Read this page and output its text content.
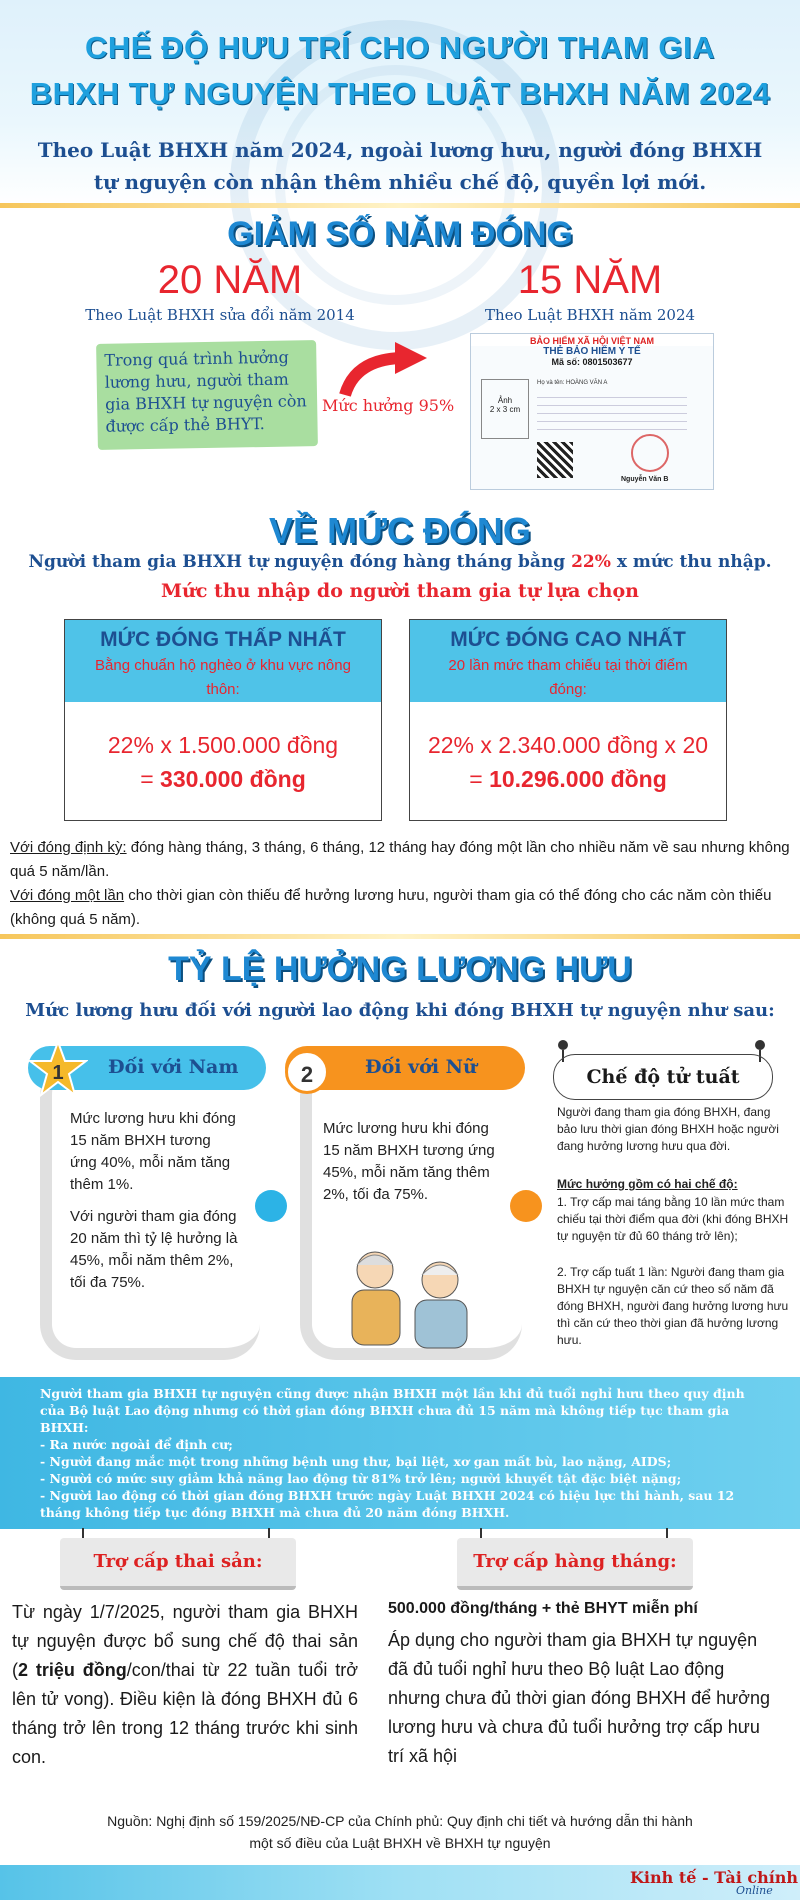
CHẾ ĐỘ HƯU TRÍ CHO NGƯỜI THAM GIA
BHXH TỰ NGUYỆN THEO LUẬT BHXH NĂM 2024
Theo Luật BHXH năm 2024, ngoài lương hưu, người đóng BHXH
tự nguyện còn nhận thêm nhiều chế độ, quyền lợi mới.
GIẢM SỐ NĂM ĐÓNG
20 NĂM
Theo Luật BHXH sửa đổi năm 2014
15 NĂM
Theo Luật BHXH năm 2024
Trong quá trình hưởng lương hưu, người tham gia BHXH tự nguyện còn được cấp thẻ BHYT.
Mức hưởng 95%
BẢO HIỂM XÃ HỘI VIỆT NAM
THẺ BẢO HIỂM Y TẾ
Mã số: 0801503677
Ảnh
2 x 3 cm
Họ và tên: HOÀNG VĂN A
Nguyễn Văn B
VỀ MỨC ĐÓNG
Người tham gia BHXH tự nguyện đóng hàng tháng bằng 22% x mức thu nhập.
Mức thu nhập do người tham gia tự lựa chọn
MỨC ĐÓNG THẤP NHẤT
Bằng chuẩn hộ nghèo ở khu vực nông thôn:
22% x 1.500.000 đồng
= 330.000 đồng
MỨC ĐÓNG CAO NHẤT
20 lần mức tham chiếu tại thời điểm đóng:
22% x 2.340.000 đồng x 20
= 10.296.000 đồng
Với đóng định kỳ: đóng hàng tháng, 3 tháng, 6 tháng, 12 tháng hay đóng một lần cho nhiều năm về sau nhưng không quá 5 năm/lần.
Với đóng một lần cho thời gian còn thiếu để hưởng lương hưu, người tham gia có thể đóng cho các năm còn thiếu (không quá 5 năm).
TỶ LỆ HƯỞNG LƯƠNG HƯU
Mức lương hưu đối với người lao động khi đóng BHXH tự nguyện như sau:
Đối với Nam
1
Mức lương hưu khi đóng 15 năm BHXH tương ứng 40%, mỗi năm tăng thêm 1%.
Với người tham gia đóng 20 năm thì tỷ lệ hưởng là 45%, mỗi năm thêm 2%, tối đa 75%.
Đối với Nữ
2
Mức lương hưu khi đóng 15 năm BHXH tương ứng 45%, mỗi năm tăng thêm 2%, tối đa 75%.
Chế độ tử tuất
Người đang tham gia đóng BHXH, đang bảo lưu thời gian đóng BHXH hoặc người đang hưởng lương hưu qua đời.
Mức hưởng gồm có hai chế độ:
1. Trợ cấp mai táng bằng 10 lần mức tham chiếu tại thời điểm qua đời (khi đóng BHXH tự nguyện từ đủ 60 tháng trở lên);
2. Trợ cấp tuất 1 lần: Người đang tham gia BHXH tự nguyện căn cứ theo số năm đã đóng BHXH, người đang hưởng lương hưu thì căn cứ theo thời gian đã hưởng lương hưu.
Người tham gia BHXH tự nguyện cũng được nhận BHXH một lần khi đủ tuổi nghỉ hưu theo quy định của Bộ luật Lao động nhưng có thời gian đóng BHXH chưa đủ 15 năm mà không tiếp tục tham gia BHXH:
- Ra nước ngoài để định cư;
- Người đang mắc một trong những bệnh ung thư, bại liệt, xơ gan mất bù, lao nặng, AIDS;
- Người có mức suy giảm khả năng lao động từ 81% trở lên; người khuyết tật đặc biệt nặng;
- Người lao động có thời gian đóng BHXH trước ngày Luật BHXH 2024 có hiệu lực thi hành, sau 12 tháng không tiếp tục đóng BHXH mà chưa đủ 20 năm đóng BHXH.
Trợ cấp thai sản:	Trợ cấp hàng tháng:
Từ ngày 1/7/2025, người tham gia BHXH tự nguyện được bổ sung chế độ thai sản (2 triệu đồng/con/thai từ 22 tuần tuổi trở lên tử vong). Điều kiện là đóng BHXH đủ 6 tháng trở lên trong 12 tháng trước khi sinh con.
500.000 đồng/tháng + thẻ BHYT miễn phí
Áp dụng cho người tham gia BHXH tự nguyện đã đủ tuổi nghỉ hưu theo Bộ luật Lao động nhưng chưa đủ thời gian đóng BHXH để hưởng lương hưu và chưa đủ tuổi hưởng trợ cấp hưu trí xã hội
Nguồn: Nghị định số 159/2025/NĐ-CP của Chính phủ: Quy định chi tiết và hướng dẫn thi hành
một số điều của Luật BHXH về BHXH tự nguyện
Kinh tế - Tài chính
Online
